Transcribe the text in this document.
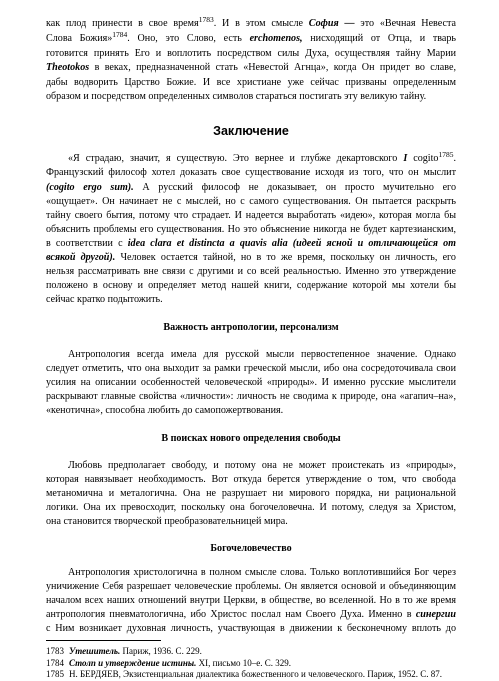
как плод принести в свое время$^{1783}$. И в этом смысле София — это «Вечная Невеста

Слова Божия»$^{1784}$. Оно, это Слово, есть erchomenos, нисходящий от Отца, и тварь

готовится принять Его и воплотить посредством силы Духа, осуществляя тайну Марии

Theotokos в веках, предназначенной стать «Невестой Агнца», когда Он придет во славе,

дабы водворить Царство Божие. И все христиане уже сейчас призваны определенным

образом и посредством определенных символов стараться постигать эту великую тайну.

Заключение

«Я страдаю, значит, я существую. Это вернее и глубже декартовского I cogito$^{1785}$.

Французский философ хотел доказать свое существование исходя из того, что он мыслит

(cogito ergo sum). А русский философ не доказывает, он просто мучительно его

«ощущает». Он начинает не с мыслей, но с самого существования. Он пытается раскрыть

тайну своего бытия, потому что страдает. И надеется выработать «идею», которая могла бы

объяснить проблемы его существования. Но это объяснение никогда не будет картезианским,

в соответствии с idea clara et distincta a quavis alia (идеей ясной и отличающейся от

всякой другой). Человек остается тайной, но в то же время, поскольку он личность, его

нельзя рассматривать вне связи с другими и со всей реальностью. Именно это утверждение

положено в основу и определяет метод нашей книги, содержание которой мы хотели бы

сейчас кратко подытожить.

Важность антропологии, персонализм

Антропология всегда имела для русской мысли первостепенное значение. Однако

следует отметить, что она выходит за рамки греческой мысли, ибо она сосредоточивала свои

усилия на описании особенностей человеческой «природы». И именно русские мыслители

раскрывают главные свойства «личности»: личность не сводима к природе, она «агапич–на»,

«кенотична», способна любить до самопожертвования.

В поисках нового определения свободы

Любовь предполагает свободу, и потому она не может проистекать из «природы»,

которая навязывает необходимость. Вот откуда берется утверждение о том, что свобода

метаномична и металогична. Она не разрушает ни мирового порядка, ни рациональной

логики. Она их превосходит, поскольку она богочеловечна. И потому, следуя за Христом,

она становится творческой преобразовательницей мира.

Богочеловечество

Антропология христологична в полном смысле слова. Только воплотившийся Бог через

уничижение Себя разрешает человеческие проблемы. Он является основой и объединяющим

началом всех наших отношений внутри Церкви, в обществе, во вселенной. Но в то же время

антропология пневматологична, ибо Христос послал нам Своего Духа. Именно в синергии

с Ним возникает духовная личность, участвующая в движении к бесконечному вплоть до

1783 Утешитель. Париж, 1936. С. 229.

1784 Столп и утверждение истины. XI, письмо 10–е. С. 329.

1785 Н. БЕРДЯЕВ, Экзистенциальная диалектика божественного и человеческого. Париж, 1952. С. 87.
